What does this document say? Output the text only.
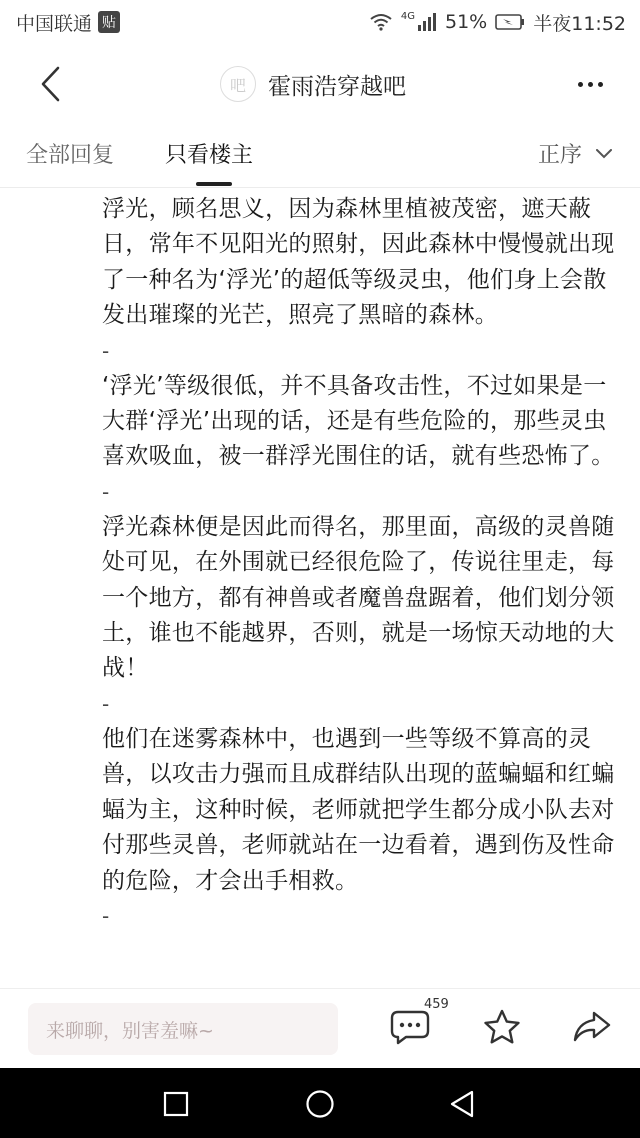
中国联通 贴	4G 51% 半夜11:52
吧 霍雨浩穿越吧
全部回复 只看楼主	正序
浮光，顾名思义，因为森林里植被茂密，遮天蔽日，常年不见阳光的照射，因此森林中慢慢就出现了一种名为‘浮光’的超低等级灵虫，他们身上会散发出璀璨的光芒，照亮了黑暗的森林。
-
‘浮光’等级很低，并不具备攻击性，不过如果是一大群‘浮光’出现的话，还是有些危险的，那些灵虫喜欢吸血，被一群浮光围住的话，就有些恐怖了。
-
浮光森林便是因此而得名，那里面，高级的灵兽随处可见，在外围就已经很危险了，传说往里走，每一个地方，都有神兽或者魔兽盘踞着，他们划分领土，谁也不能越界，否则，就是一场惊天动地的大战！
-
他们在迷雾森林中，也遇到一些等级不算高的灵兽，以攻击力强而且成群结队出现的蓝蝙蝠和红蝙蝠为主，这种时候，老师就把学生都分成小队去对付那些灵兽，老师就站在一边看着，遇到伤及性命的危险，才会出手相救。
-
来聊聊，别害羞嘛~
459
